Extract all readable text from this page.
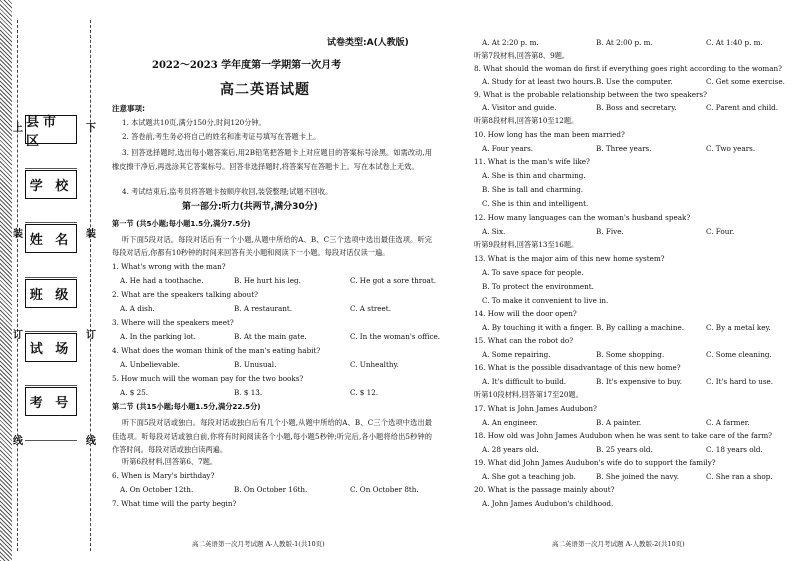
上	下
装	装
订	订
线	线
县市区
学 校
姓 名
班 级
试 场
考 号
试卷类型:A(人教版)
2022～2023 学年度第一学期第一次月考
高二英语试题
注意事项:
1. 本试题共10页,满分150分,时间120分钟。
2. 答卷前,考生务必将自己的姓名和准考证号填写在答题卡上。
3. 回答选择题时,选出每小题答案后,用2B铅笔把答题卡上对应题目的答案标号涂黑。如需改动,用橡皮擦干净后,再选涂其它答案标号。回答非选择题时,将答案写在答题卡上。写在本试卷上无效。
4. 考试结束后,监考员将答题卡按顺序收回,装袋整理;试题不回收。
第一部分:听力(共两节,满分30分)
第一节 (共5小题;每小题1.5分,满分7.5分)
听下面5段对话。每段对话后有一个小题,从题中所给的A、B、C三个选项中选出最佳选项。听完每段对话后,你都有10秒钟的时间来回答有关小题和阅读下一小题。每段对话仅读一遍。
1. What's wrong with the man?
A. He had a toothache.	B. He hurt his leg.	C. He got a sore throat.
2. What are the speakers talking about?
A. A dish.	B. A restaurant.	C. A street.
3. Where will the speakers meet?
A. In the parking lot.	B. At the main gate.	C. In the woman's office.
4. What does the woman think of the man's eating habit?
A. Unbelievable.	B. Unusual.	C. Unhealthy.
5. How much will the woman pay for the two books?
A. $ 25.	B. $ 13.	C. $ 12.
第二节 (共15小题;每小题1.5分,满分22.5分)
听下面5段对话或独白。每段对话或独白后有几个小题,从题中所给的A、B、C三个选项中选出最佳选项。听每段对话或独白前,你将有时间阅读各个小题,每小题5秒钟;听完后,各小题将给出5秒钟的作答时间。每段对话或独白读两遍。
听第6段材料,回答第6、7题。
6. When is Mary's birthday?
A. On October 12th.	B. On October 16th.	C. On October 8th.
7. What time will the party begin?
高二英语第一次月考试题 A-人教版-1(共10页)
A. At 2:20 p. m.	B. At 2:00 p. m.	C. At 1:40 p. m.
听第7段材料,回答第8、9题。
8. What should the woman do first if everything goes right according to the woman?
A. Study for at least two hours. B. Use the computer.	C. Get some exercise.
9. What is the probable relationship between the two speakers?
A. Visitor and guide.	B. Boss and secretary.	C. Parent and child.
听第8段材料,回答第10至12题。
10. How long has the man been married?
A. Four years.	B. Three years.	C. Two years.
11. What is the man's wife like?
A. She is thin and charming.
B. She is tall and charming.
C. She is thin and intelligent.
12. How many languages can the woman's husband speak?
A. Six.	B. Five.	C. Four.
听第9段材料,回答第13至16题。
13. What is the major aim of this new home system?
A. To save space for people.
B. To protect the environment.
C. To make it convenient to live in.
14. How will the door open?
A. By touching it with a finger. B. By calling a machine.	C. By a metal key.
15. What can the robot do?
A. Some repairing.	B. Some shopping.	C. Some cleaning.
16. What is the possible disadvantage of this new home?
A. It's difficult to build.	B. It's expensive to buy.	C. It's hard to use.
听第10段材料,回答第17至20题。
17. What is John James Audubon?
A. An engineer.	B. A painter.	C. A farmer.
18. How old was John James Audubon when he was sent to take care of the farm?
A. 28 years old.	B. 25 years old.	C. 18 years old.
19. What did John James Audubon's wife do to support the family?
A. She got a teaching job.	B. She joined the navy.	C. She ran a shop.
20. What is the passage mainly about?
A. John James Audubon's childhood.
高二英语第一次月考试题 A-人教版-2(共10页)
